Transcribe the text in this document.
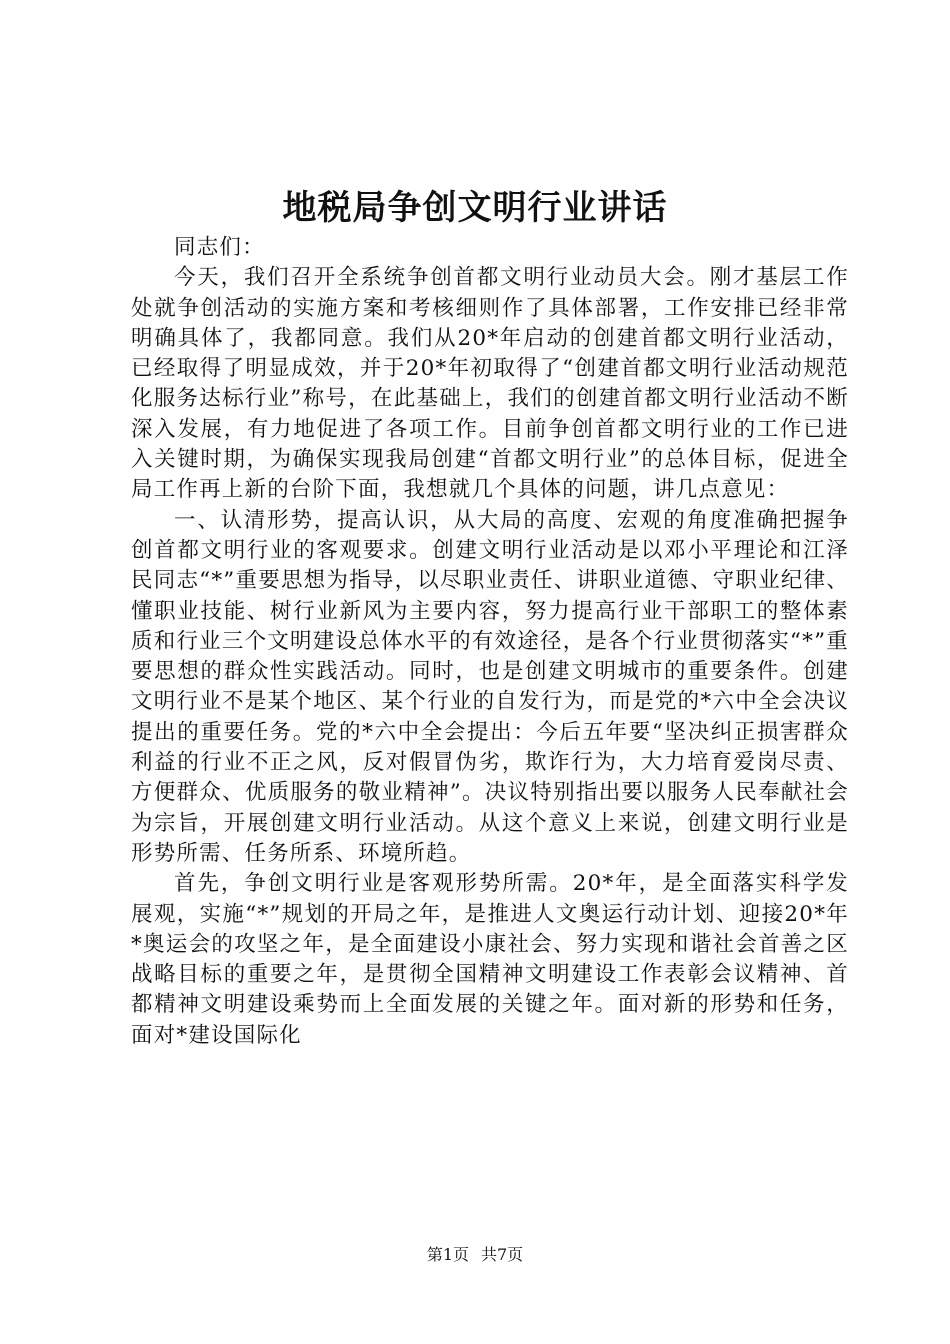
地税局争创文明行业讲话

同志们：

今天，我们召开全系统争创首都文明行业动员大会。刚才基层工作处就争创活动的实施方案和考核细则作了具体部署，工作安排已经非常明确具体了，我都同意。我们从20*年启动的创建首都文明行业活动，已经取得了明显成效，并于20*年初取得了“创建首都文明行业活动规范化服务达标行业”称号，在此基础上，我们的创建首都文明行业活动不断深入发展，有力地促进了各项工作。目前争创首都文明行业的工作已进入关键时期，为确保实现我局创建“首都文明行业”的总体目标，促进全局工作再上新的台阶下面，我想就几个具体的问题，讲几点意见：

一、认清形势，提高认识，从大局的高度、宏观的角度准确把握争创首都文明行业的客观要求。创建文明行业活动是以邓小平理论和江泽民同志“*”重要思想为指导，以尽职业责任、讲职业道德、守职业纪律、懂职业技能、树行业新风为主要内容，努力提高行业干部职工的整体素质和行业三个文明建设总体水平的有效途径，是各个行业贯彻落实“*”重要思想的群众性实践活动。同时，也是创建文明城市的重要条件。创建文明行业不是某个地区、某个行业的自发行为，而是党的*六中全会决议提出的重要任务。党的*六中全会提出：今后五年要“坚决纠正损害群众利益的行业不正之风，反对假冒伪劣，欺诈行为，大力培育爱岗尽责、方便群众、优质服务的敬业精神”。决议特别指出要以服务人民奉献社会为宗旨，开展创建文明行业活动。从这个意义上来说，创建文明行业是形势所需、任务所系、环境所趋。

首先，争创文明行业是客观形势所需。20*年，是全面落实科学发展观，实施“*”规划的开局之年，是推进人文奥运行动计划、迎接20*年*奥运会的攻坚之年，是全面建设小康社会、努力实现和谐社会首善之区战略目标的重要之年，是贯彻全国精神文明建设工作表彰会议精神、首都精神文明建设乘势而上全面发展的关键之年。面对新的形势和任务，面对*建设国际化

第1页 共7页
